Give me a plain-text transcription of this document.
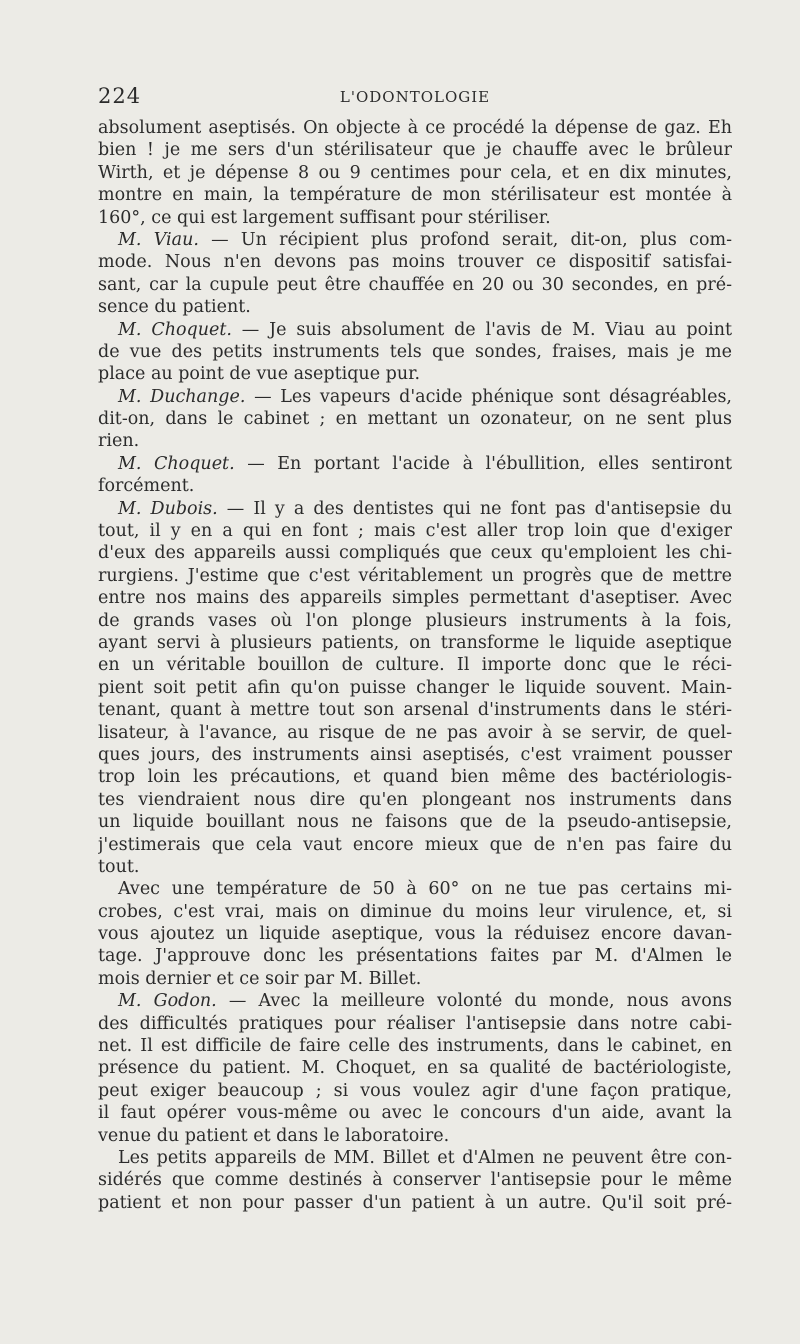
224	L'ODONTOLOGIE
absolument aseptisés. On objecte à ce procédé la dépense de gaz. Eh
bien ! je me sers d'un stérilisateur que je chauffe avec le brûleur
Wirth, et je dépense 8 ou 9 centimes pour cela, et en dix minutes,
montre en main, la température de mon stérilisateur est montée à
160°, ce qui est largement suffisant pour stériliser.
M. Viau. — Un récipient plus profond serait, dit-on, plus com-
mode. Nous n'en devons pas moins trouver ce dispositif satisfai-
sant, car la cupule peut être chauffée en 20 ou 30 secondes, en pré-
sence du patient.
M. Choquet. — Je suis absolument de l'avis de M. Viau au point
de vue des petits instruments tels que sondes, fraises, mais je me
place au point de vue aseptique pur.
M. Duchange. — Les vapeurs d'acide phénique sont désagréables,
dit-on, dans le cabinet ; en mettant un ozonateur, on ne sent plus
rien.
M. Choquet. — En portant l'acide à l'ébullition, elles sentiront
forcément.
M. Dubois. — Il y a des dentistes qui ne font pas d'antisepsie du
tout, il y en a qui en font ; mais c'est aller trop loin que d'exiger
d'eux des appareils aussi compliqués que ceux qu'emploient les chi-
rurgiens. J'estime que c'est véritablement un progrès que de mettre
entre nos mains des appareils simples permettant d'aseptiser. Avec
de grands vases où l'on plonge plusieurs instruments à la fois,
ayant servi à plusieurs patients, on transforme le liquide aseptique
en un véritable bouillon de culture. Il importe donc que le réci-
pient soit petit afin qu'on puisse changer le liquide souvent. Main-
tenant, quant à mettre tout son arsenal d'instruments dans le stéri-
lisateur, à l'avance, au risque de ne pas avoir à se servir, de quel-
ques jours, des instruments ainsi aseptisés, c'est vraiment pousser
trop loin les précautions, et quand bien même des bactériologis-
tes viendraient nous dire qu'en plongeant nos instruments dans
un liquide bouillant nous ne faisons que de la pseudo-antisepsie,
j'estimerais que cela vaut encore mieux que de n'en pas faire du
tout.
Avec une température de 50 à 60° on ne tue pas certains mi-
crobes, c'est vrai, mais on diminue du moins leur virulence, et, si
vous ajoutez un liquide aseptique, vous la réduisez encore davan-
tage. J'approuve donc les présentations faites par M. d'Almen le
mois dernier et ce soir par M. Billet.
M. Godon. — Avec la meilleure volonté du monde, nous avons
des difficultés pratiques pour réaliser l'antisepsie dans notre cabi-
net. Il est difficile de faire celle des instruments, dans le cabinet, en
présence du patient. M. Choquet, en sa qualité de bactériologiste,
peut exiger beaucoup ; si vous voulez agir d'une façon pratique,
il faut opérer vous-même ou avec le concours d'un aide, avant la
venue du patient et dans le laboratoire.
Les petits appareils de MM. Billet et d'Almen ne peuvent être con-
sidérés que comme destinés à conserver l'antisepsie pour le même
patient et non pour passer d'un patient à un autre. Qu'il soit pré-
